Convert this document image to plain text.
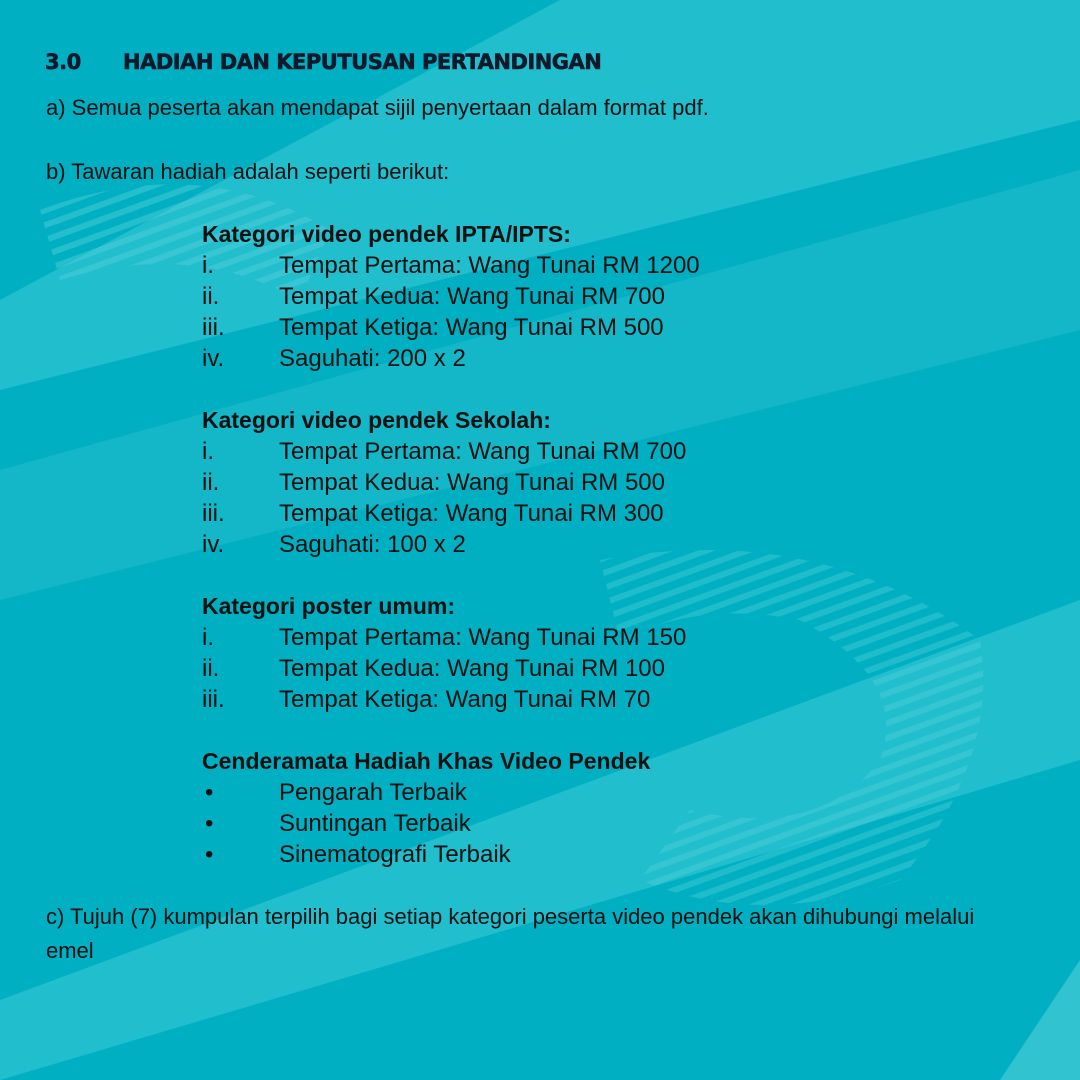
3.0 HADIAH DAN KEPUTUSAN PERTANDINGAN

a) Semua peserta akan mendapat sijil penyertaan dalam format pdf.

b) Tawaran hadiah adalah seperti berikut:

Kategori video pendek IPTA/IPTS:

i.	Tempat Pertama: Wang Tunai RM 1200
ii.	Tempat Kedua: Wang Tunai RM 700
iii.	Tempat Ketiga: Wang Tunai RM 500
iv.	Saguhati: 200 x 2

Kategori video pendek Sekolah:

i.	Tempat Pertama: Wang Tunai RM 700
ii.	Tempat Kedua: Wang Tunai RM 500
iii.	Tempat Ketiga: Wang Tunai RM 300
iv.	Saguhati: 100 x 2

Kategori poster umum:

i.	Tempat Pertama: Wang Tunai RM 150
ii.	Tempat Kedua: Wang Tunai RM 100
iii.	Tempat Ketiga: Wang Tunai RM 70

Cenderamata Hadiah Khas Video Pendek

•	Pengarah Terbaik
•	Suntingan Terbaik
•	Sinematografi Terbaik

c) Tujuh (7) kumpulan terpilih bagi setiap kategori peserta video pendek akan dihubungi melalui emel
